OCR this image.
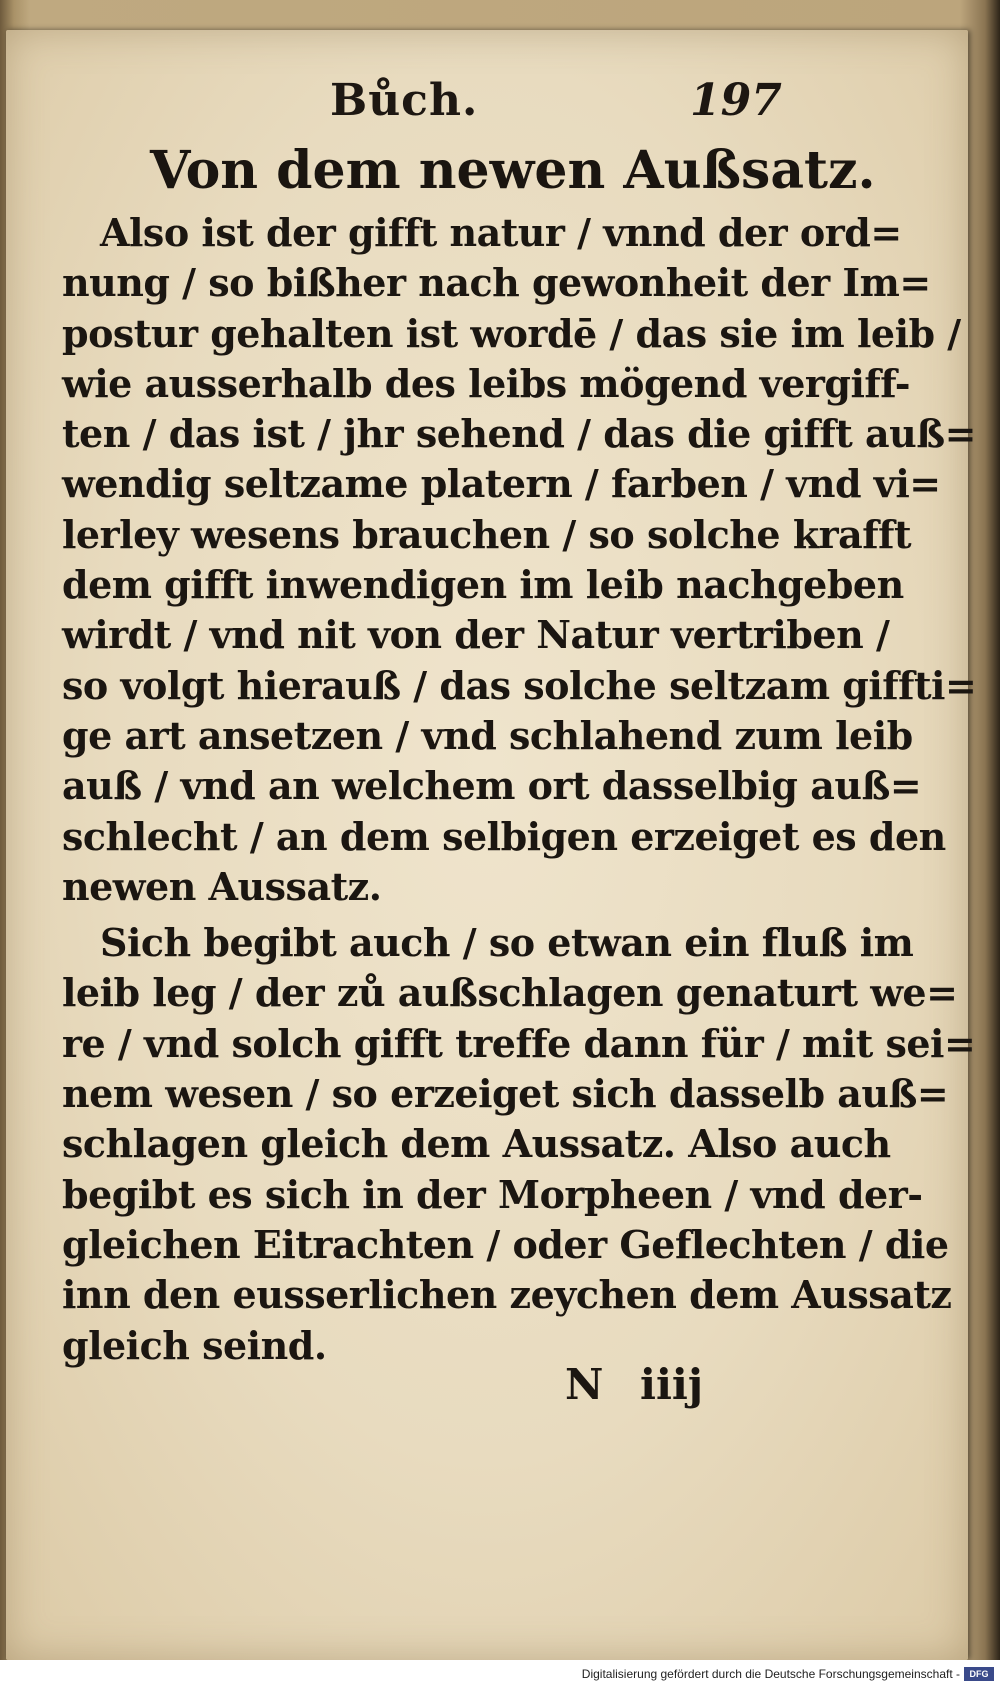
Bůch.	197
Von dem newen Außsatz.
Also ist der gifft natur / vnnd der ord=
nung / so bißher nach gewonheit der Im=
postur gehalten ist wordē / das sie im leib /
wie ausserhalb des leibs mögend vergiff-
ten / das ist / jhr sehend / das die gifft auß=
wendig seltzame platern / farben / vnd vi=
lerley wesens brauchen / so solche krafft
dem gifft inwendigen im leib nachgeben
wirdt / vnd nit von der Natur vertriben /
so volgt hierauß / das solche seltzam giffti=
ge art ansetzen / vnd schlahend zum leib
auß / vnd an welchem ort dasselbig auß=
schlecht / an dem selbigen erzeiget es den
newen Aussatz.
Sich begibt auch / so etwan ein fluß im
leib leg / der zů außschlagen genaturt we=
re / vnd solch gifft treffe dann für / mit sei=
nem wesen / so erzeiget sich dasselb auß=
schlagen gleich dem Aussatz. Also auch
begibt es sich in der Morpheen / vnd der-
gleichen Eitrachten / oder Geflechten / die
inn den eusserlichen zeychen dem Aussatz
gleich seind.
N iiij
Digitalisierung gefördert durch die Deutsche Forschungsgemeinschaft -	DFG
